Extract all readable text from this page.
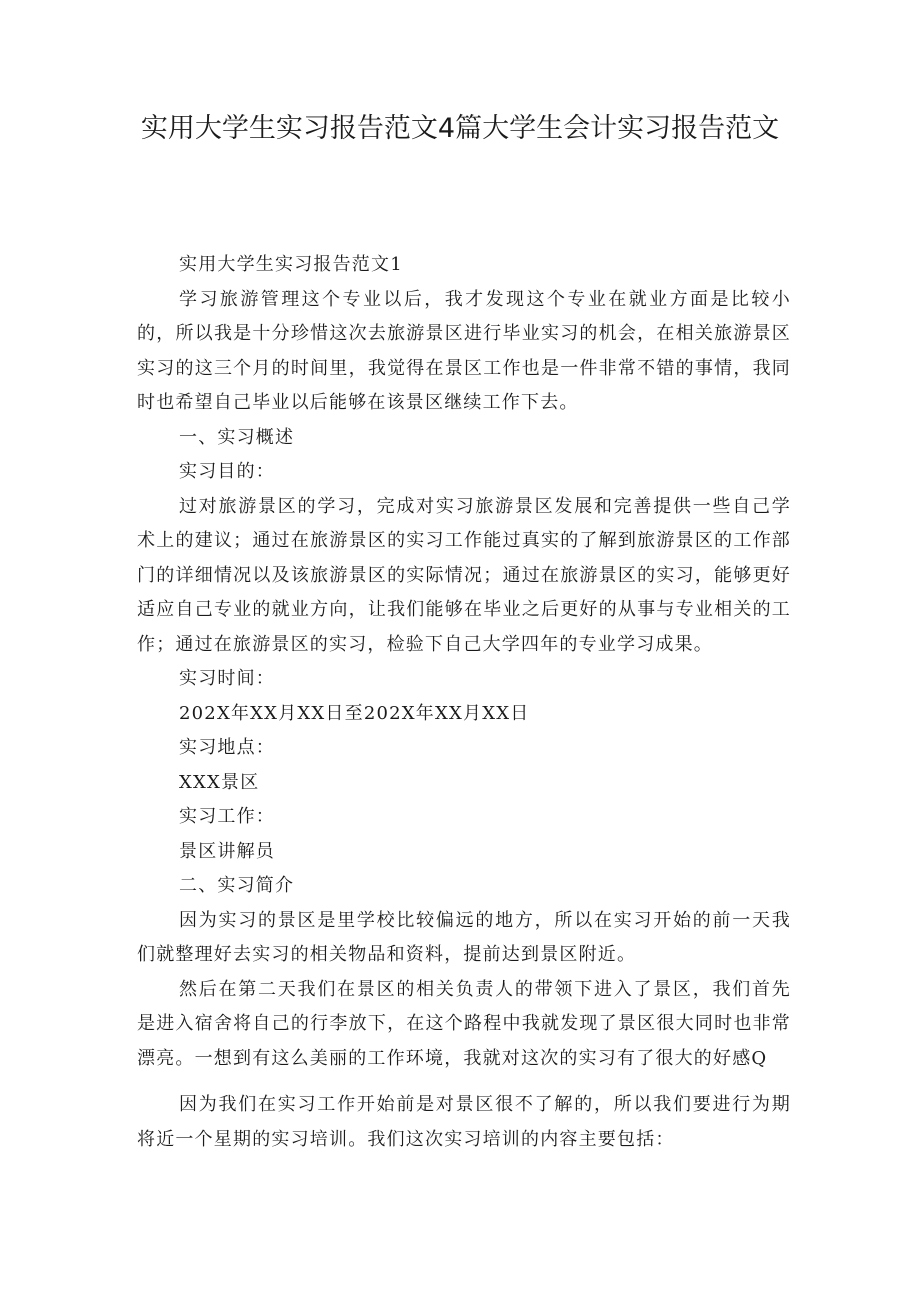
实用大学生实习报告范文4篇大学生会计实习报告范文

实用大学生实习报告范文1

学习旅游管理这个专业以后，我才发现这个专业在就业方面是比较小的，所以我是十分珍惜这次去旅游景区进行毕业实习的机会，在相关旅游景区实习的这三个月的时间里，我觉得在景区工作也是一件非常不错的事情，我同时也希望自己毕业以后能够在该景区继续工作下去。

一、实习概述

实习目的：

过对旅游景区的学习，完成对实习旅游景区发展和完善提供一些自己学术上的建议；通过在旅游景区的实习工作能过真实的了解到旅游景区的工作部门的详细情况以及该旅游景区的实际情况；通过在旅游景区的实习，能够更好适应自己专业的就业方向，让我们能够在毕业之后更好的从事与专业相关的工作；通过在旅游景区的实习，检验下自己大学四年的专业学习成果。

实习时间：

202X年XX月XX日至202X年XX月XX日

实习地点：

XXX景区

实习工作：

景区讲解员

二、实习简介

因为实习的景区是里学校比较偏远的地方，所以在实习开始的前一天我们就整理好去实习的相关物品和资料，提前达到景区附近。

然后在第二天我们在景区的相关负责人的带领下进入了景区，我们首先是进入宿舍将自己的行李放下，在这个路程中我就发现了景区很大同时也非常漂亮。一想到有这么美丽的工作环境，我就对这次的实习有了很大的好感Q

因为我们在实习工作开始前是对景区很不了解的，所以我们要进行为期将近一个星期的实习培训。我们这次实习培训的内容主要包括：
